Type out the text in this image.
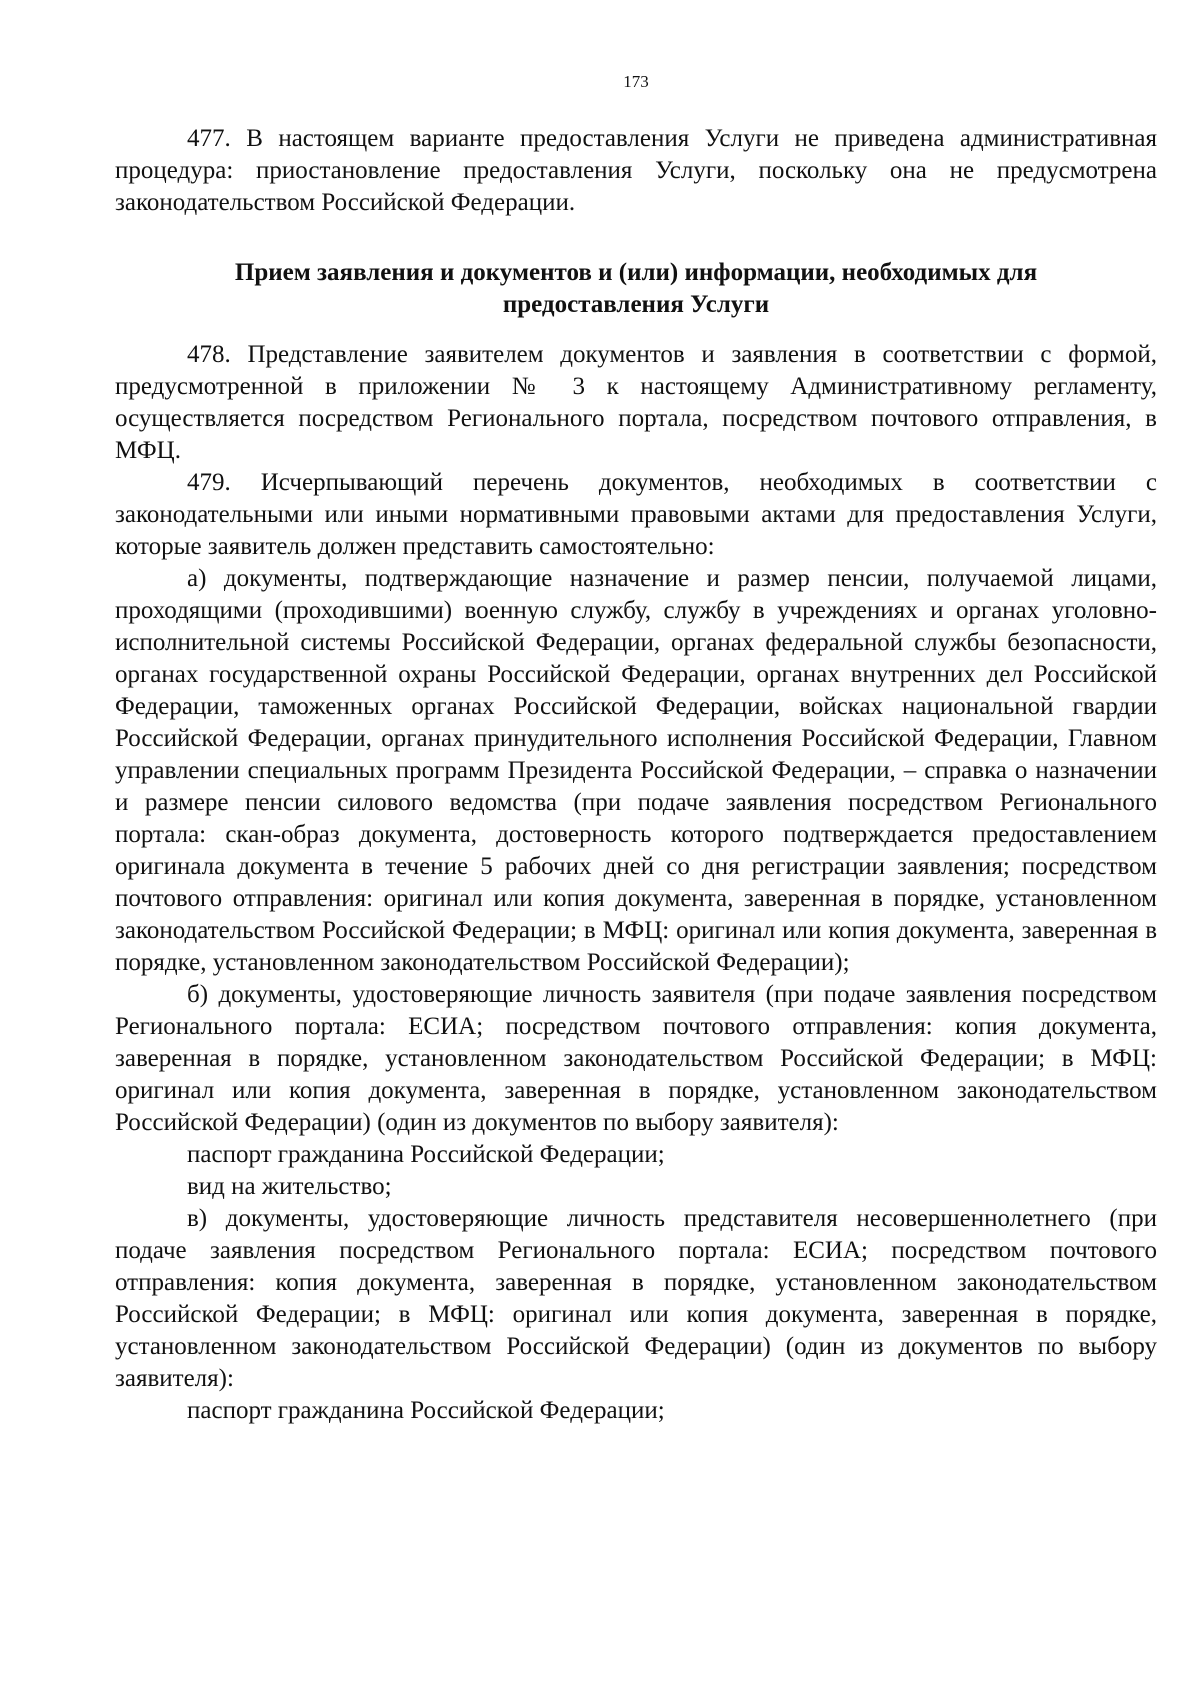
173

477. В настоящем варианте предоставления Услуги не приведена административная процедура: приостановление предоставления Услуги, поскольку она не предусмотрена законодательством Российской Федерации.

Прием заявления и документов и (или) информации, необходимых для предоставления Услуги

478. Представление заявителем документов и заявления в соответствии с формой, предусмотренной в приложении № 3 к настоящему Административному регламенту, осуществляется посредством Регионального портала, посредством почтового отправления, в МФЦ.

479. Исчерпывающий перечень документов, необходимых в соответствии с законодательными или иными нормативными правовыми актами для предоставления Услуги, которые заявитель должен представить самостоятельно:

а) документы, подтверждающие назначение и размер пенсии, получаемой лицами, проходящими (проходившими) военную службу, службу в учреждениях и органах уголовно-исполнительной системы Российской Федерации, органах федеральной службы безопасности, органах государственной охраны Российской Федерации, органах внутренних дел Российской Федерации, таможенных органах Российской Федерации, войсках национальной гвардии Российской Федерации, органах принудительного исполнения Российской Федерации, Главном управлении специальных программ Президента Российской Федерации, – справка о назначении и размере пенсии силового ведомства (при подаче заявления посредством Регионального портала: скан-образ документа, достоверность которого подтверждается предоставлением оригинала документа в течение 5 рабочих дней со дня регистрации заявления; посредством почтового отправления: оригинал или копия документа, заверенная в порядке, установленном законодательством Российской Федерации; в МФЦ: оригинал или копия документа, заверенная в порядке, установленном законодательством Российской Федерации);

б) документы, удостоверяющие личность заявителя (при подаче заявления посредством Регионального портала: ЕСИА; посредством почтового отправления: копия документа, заверенная в порядке, установленном законодательством Российской Федерации; в МФЦ: оригинал или копия документа, заверенная в порядке, установленном законодательством Российской Федерации) (один из документов по выбору заявителя):

паспорт гражданина Российской Федерации;

вид на жительство;

в) документы, удостоверяющие личность представителя несовершеннолетнего (при подаче заявления посредством Регионального портала: ЕСИА; посредством почтового отправления: копия документа, заверенная в порядке, установленном законодательством Российской Федерации; в МФЦ: оригинал или копия документа, заверенная в порядке, установленном законодательством Российской Федерации) (один из документов по выбору заявителя):

паспорт гражданина Российской Федерации;
